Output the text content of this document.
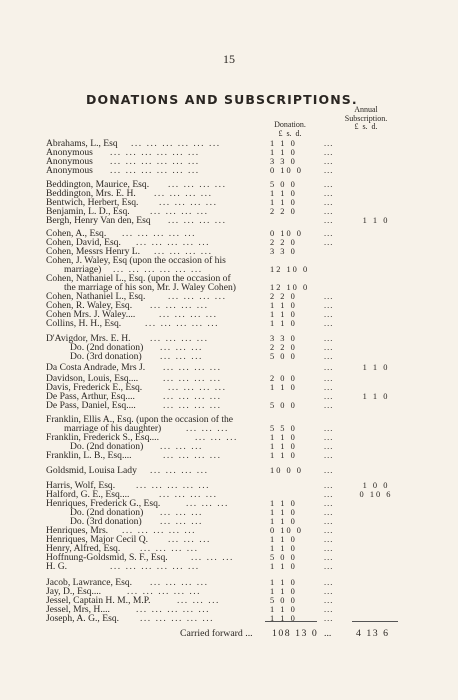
15
DONATIONS AND SUBSCRIPTIONS.
Donation.
£ s. d.
Annual
Subscription.
£ s. d.
Abrahams, L., Esq ... ... ... ... ... ...	1 1 0	...
Anonymous ... ... ... ... ... ...	1 1 0	...
Anonymous ... ... ... ... ... ...	3 3 0	...
Anonymous ... ... ... ... ... ...	0 10 0	...
Beddington, Maurice, Esq. ... ... ... ...	5 0 0	...
Beddington, Mrs. E. H. ... ... ... ...	1 1 0	...
Bentwich, Herbert, Esq. ... ... ... ...	1 1 0	...
Benjamin, L. D., Esq. ... ... ... ...	2 2 0	...
Bergh, Henry Van den, Esq ... ... ... ...	...	1 1 0
Cohen, A., Esq. ... ... ... ... ...	0 10 0	...
Cohen, David, Esq. ... ... ... ... ...	2 2 0	...
Cohen, Messrs Henry L. ... ... ... ...	3 3 0
Cohen, J. Waley, Esq (upon the occasion of his
marriage) ... ... ... ... ... ...	12 10 0
Cohen, Nathaniel L., Esq. (upon the occasion of
the marriage of his son, Mr. J. Waley Cohen)	12 10 0
Cohen, Nathaniel L., Esq. ... ... ... ...	2 2 0	...
Cohen, R. Waley, Esq. ... ... ... ...	1 1 0	...
Cohen Mrs. J. Waley.... ... ... ... ...	1 1 0	...
Collins, H. H., Esq. ... ... ... ... ...	1 1 0	...
D'Avigdor, Mrs. E. H. ... ... ... ...	3 3 0	...
Do. (2nd donation) ... ... ...	2 2 0	...
Do. (3rd donation) ... ... ...	5 0 0	...
Da Costa Andrade, Mrs J. ... ... ... ...	...	1 1 0
Davidson, Louis, Esq....	... ... ... ...	2 0 0	...
Davis, Frederick E., Esq.	... ... ... ...	1 1 0	...
De Pass, Arthur, Esq....	... ... ... ...	...	1 1 0
De Pass, Daniel, Esq....	... ... ... ...	5 0 0	...
Franklin, Ellis A., Esq. (upon the occasion of the
marriage of his daughter)	... ... ...	5 5 0	...
Franklin, Frederick S., Esq....	... ... ...	1 1 0	...
Do. (2nd donation) ... ... ...	1 1 0	...
Franklin, L. B., Esq....	... ... ... ...	1 1 0	...
Goldsmid, Louisa Lady ... ... ... ...	10 0 0	...
Harris, Wolf, Esq. ... ... ... ... ...	...	1 0 0
Halford, G. E., Esq....	... ... ... ...	...	0 10 6
Henriques, Frederick G., Esq.	... ... ...	1 1 0	...
Do. (2nd donation) ... ... ...	1 1 0	...
Do. (3rd donation) ... ... ...	1 1 0	...
Henriques, Mrs. ... ... ... ... ...	0 10 0	...
Henriques, Major Cecil Q. ... ... ...	1 1 0	...
Henry, Alfred, Esq. ... ... ... ...	1 1 0	...
Hoffnung-Goldsmid, S. F., Esq. ... ... ...	5 0 0	...
H. G.	... ... ... ... ... ...	1 1 0	...
Jacob, Lawrance, Esq. ... ... ... ...	1 1 0	...
Jay, D., Esq....	... ... ... ... ...	1 1 0	...
Jessel, Captain H. M., M.P.	... ... ...	5 0 0	...
Jessel, Mrs, H....	... ... ... ... ...	1 1 0	...
Joseph, A. G., Esq. ... ... ... ... ...	1 1 0	...
Carried forward ... 108 13 0 ...	4 13 6
